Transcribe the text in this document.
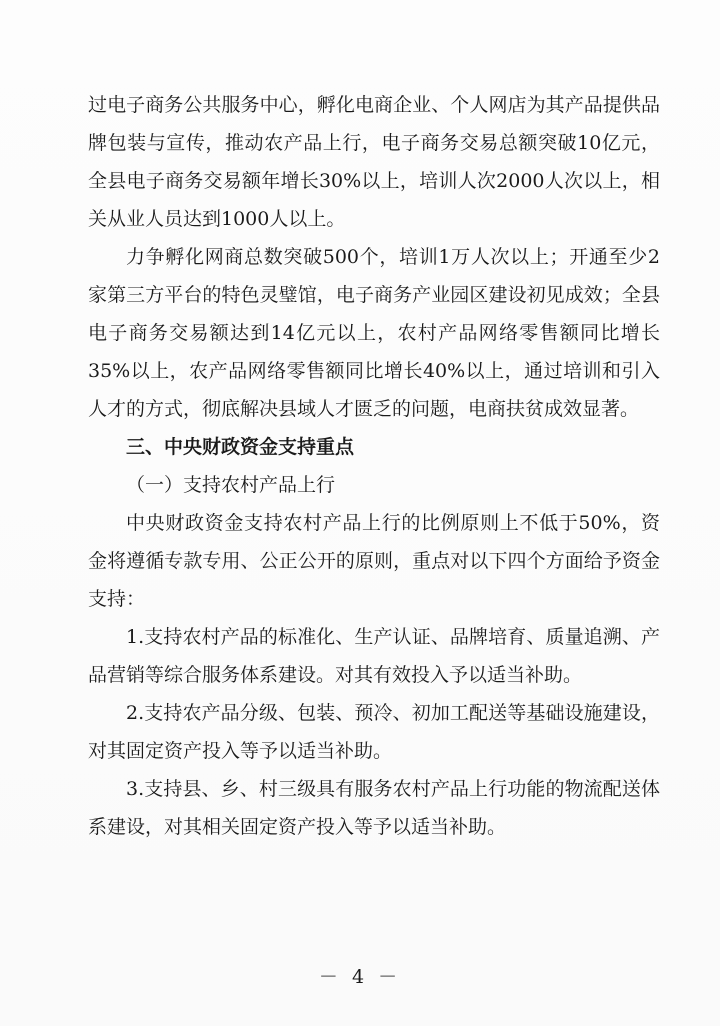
过电子商务公共服务中心，孵化电商企业、个人网店为其产品提供品牌包装与宣传，推动农产品上行，电子商务交易总额突破10亿元，全县电子商务交易额年增长30%以上，培训人次2000人次以上，相关从业人员达到1000人以上。

力争孵化网商总数突破500个，培训1万人次以上；开通至少2家第三方平台的特色灵璧馆，电子商务产业园区建设初见成效；全县电子商务交易额达到14亿元以上，农村产品网络零售额同比增长35%以上，农产品网络零售额同比增长40%以上，通过培训和引入人才的方式，彻底解决县域人才匮乏的问题，电商扶贫成效显著。

三、中央财政资金支持重点

（一）支持农村产品上行

中央财政资金支持农村产品上行的比例原则上不低于50%，资金将遵循专款专用、公正公开的原则，重点对以下四个方面给予资金支持：

1.支持农村产品的标准化、生产认证、品牌培育、质量追溯、产品营销等综合服务体系建设。对其有效投入予以适当补助。

2.支持农产品分级、包装、预冷、初加工配送等基础设施建设，对其固定资产投入等予以适当补助。

3.支持县、乡、村三级具有服务农村产品上行功能的物流配送体系建设，对其相关固定资产投入等予以适当补助。

－ 4 －
